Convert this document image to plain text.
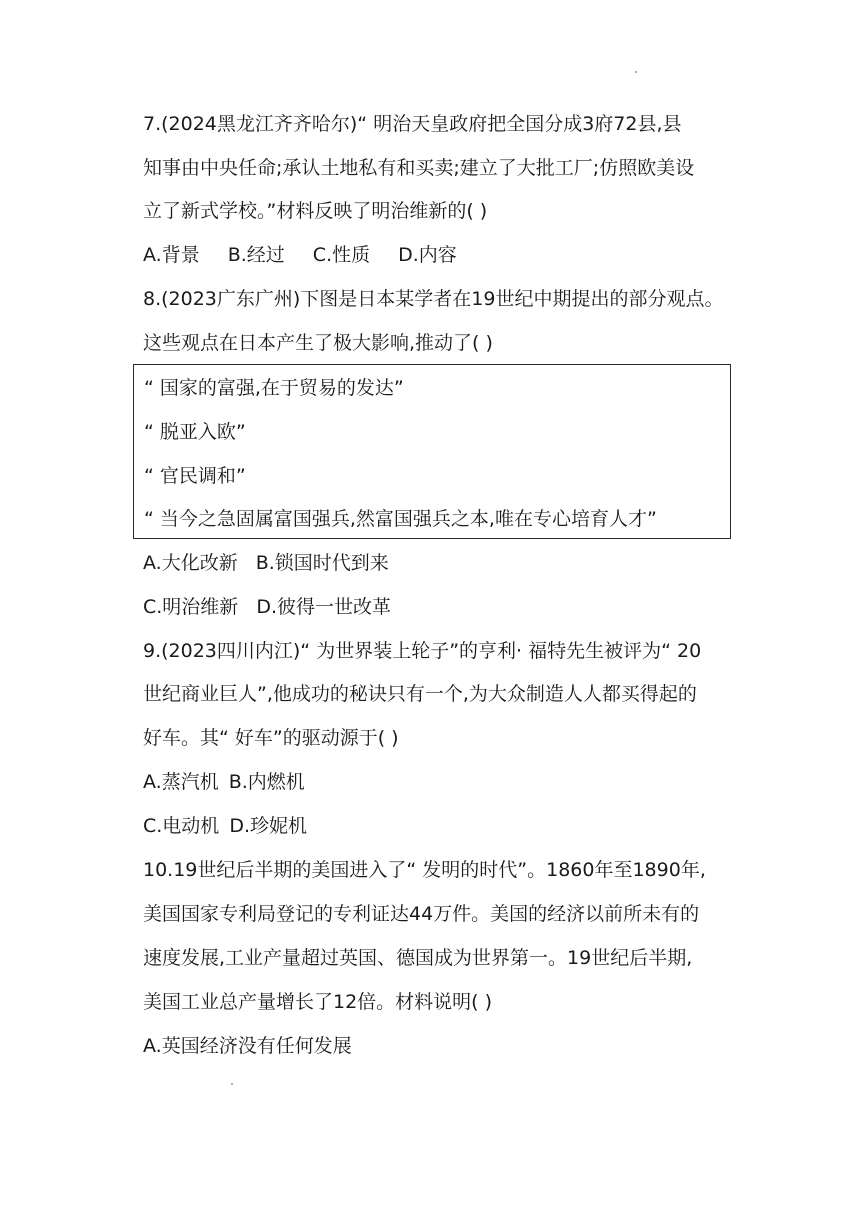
7.(2024黑龙江齐齐哈尔)“ 明治天皇政府把全国分成3府72县,县
知事由中央任命;承认土地私有和买卖;建立了大批工厂;仿照欧美设
立了新式学校。”材料反映了明治维新的( )
A.背景 B.经过 C.性质 D.内容
8.(2023广东广州)下图是日本某学者在19世纪中期提出的部分观点。
这些观点在日本产生了极大影响,推动了( )
“ 国家的富强,在于贸易的发达”
“ 脱亚入欧”
“ 官民调和”
“ 当今之急固属富国强兵,然富国强兵之本,唯在专心培育人才”
A.大化改新 B.锁国时代到来
C.明治维新 D.彼得一世改革
9.(2023四川内江)“ 为世界装上轮子”的亨利· 福特先生被评为“ 20
世纪商业巨人”,他成功的秘诀只有一个,为大众制造人人都买得起的
好车。其“ 好车”的驱动源于( )
A.蒸汽机 B.内燃机
C.电动机 D.珍妮机
10.19世纪后半期的美国进入了“ 发明的时代”。1860年至1890年,
美国国家专利局登记的专利证达44万件。美国的经济以前所未有的
速度发展,工业产量超过英国、德国成为世界第一。19世纪后半期,
美国工业总产量增长了12倍。材料说明( )
A.英国经济没有任何发展
